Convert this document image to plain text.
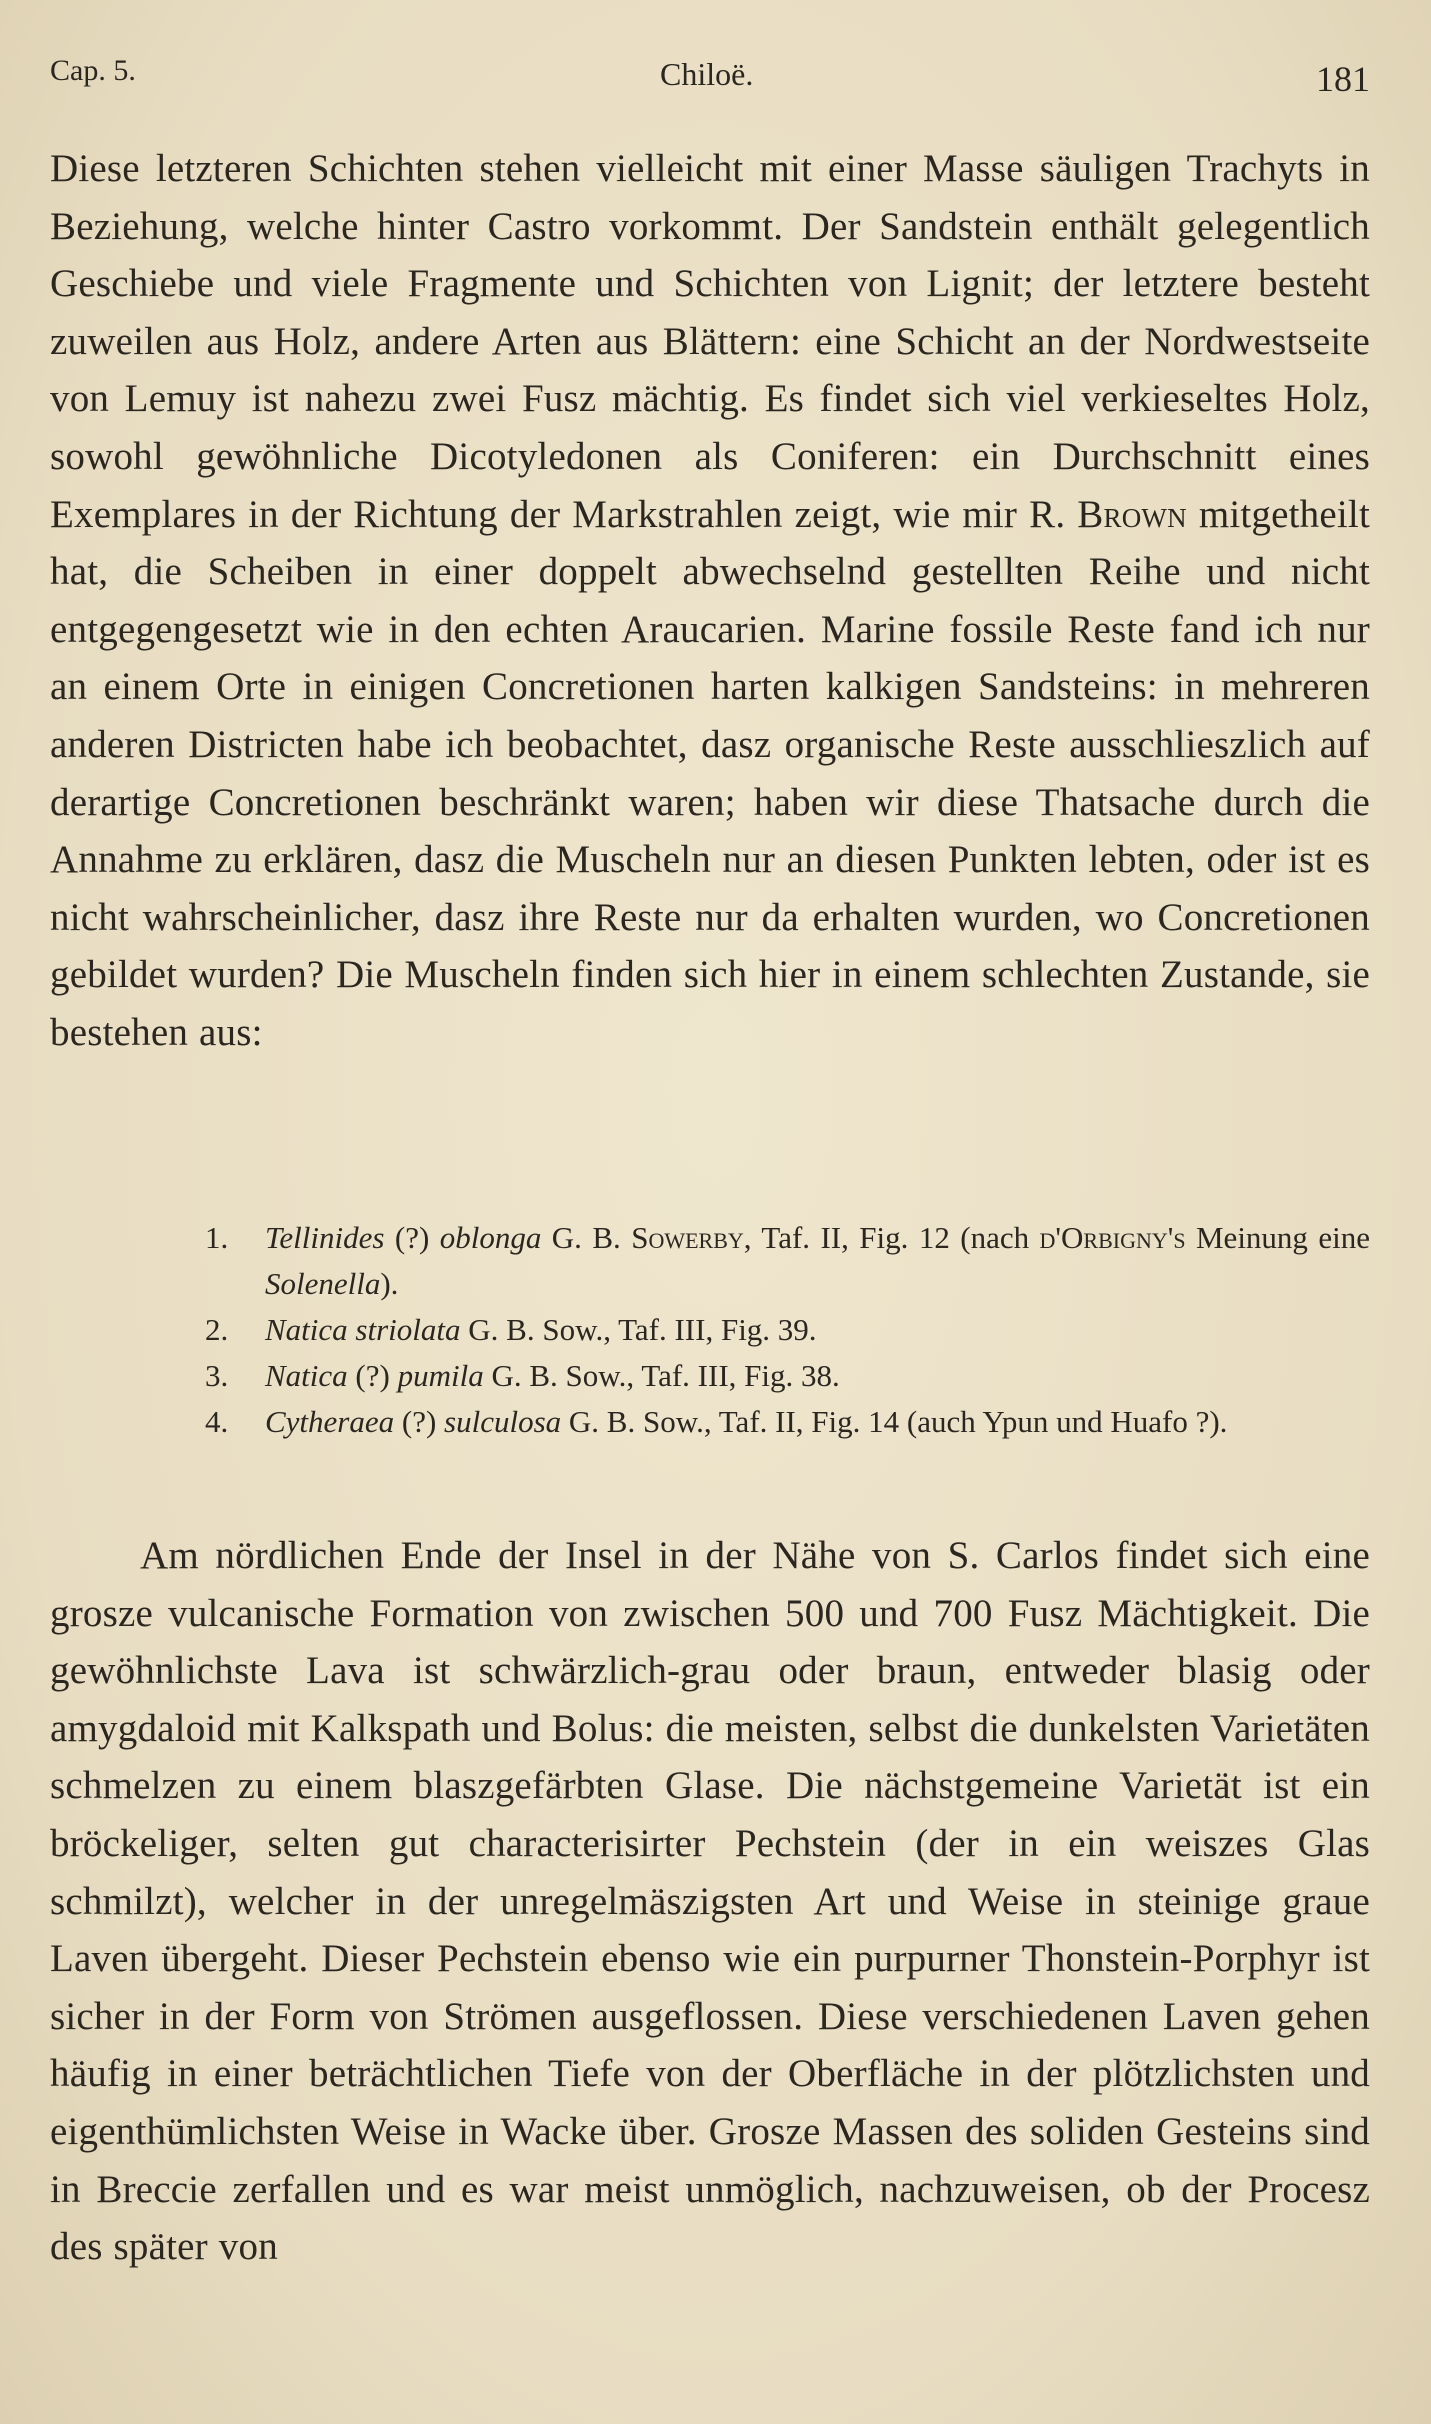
Cap. 5.	Chiloë.	181
Diese letzteren Schichten stehen vielleicht mit einer Masse säuligen Trachyts in Beziehung, welche hinter Castro vorkommt. Der Sandstein enthält gelegentlich Geschiebe und viele Fragmente und Schichten von Lignit; der letztere besteht zuweilen aus Holz, andere Arten aus Blättern: eine Schicht an der Nordwestseite von Lemuy ist nahezu zwei Fusz mächtig. Es findet sich viel verkieseltes Holz, sowohl gewöhnliche Dicotyledonen als Coniferen: ein Durchschnitt eines Exemplares in der Richtung der Markstrahlen zeigt, wie mir R. Brown mitgetheilt hat, die Scheiben in einer doppelt abwechselnd gestellten Reihe und nicht entgegengesetzt wie in den echten Araucarien. Marine fossile Reste fand ich nur an einem Orte in einigen Concretionen harten kalkigen Sandsteins: in mehreren anderen Districten habe ich beobachtet, dasz organische Reste ausschlieszlich auf derartige Concretionen beschränkt waren; haben wir diese Thatsache durch die Annahme zu erklären, dasz die Muscheln nur an diesen Punkten lebten, oder ist es nicht wahrscheinlicher, dasz ihre Reste nur da erhalten wurden, wo Concretionen gebildet wurden? Die Muscheln finden sich hier in einem schlechten Zustande, sie bestehen aus:
1. Tellinides (?) oblonga G. B. Sowerby, Taf. II, Fig. 12 (nach d'Orbigny's Meinung eine Solenella).
2. Natica striolata G. B. Sow., Taf. III, Fig. 39.
3. Natica (?) pumila G. B. Sow., Taf. III, Fig. 38.
4. Cytheraea (?) sulculosa G. B. Sow., Taf. II, Fig. 14 (auch Ypun und Huafo ?).
Am nördlichen Ende der Insel in der Nähe von S. Carlos findet sich eine grosze vulcanische Formation von zwischen 500 und 700 Fusz Mächtigkeit. Die gewöhnlichste Lava ist schwärzlich-grau oder braun, entweder blasig oder amygdaloid mit Kalkspath und Bolus: die meisten, selbst die dunkelsten Varietäten schmelzen zu einem blaszgefärbten Glase. Die nächstgemeine Varietät ist ein bröckeliger, selten gut characterisirter Pechstein (der in ein weiszes Glas schmilzt), welcher in der unregelmäszigsten Art und Weise in steinige graue Laven übergeht. Dieser Pechstein ebenso wie ein purpurner Thonstein-Porphyr ist sicher in der Form von Strömen ausgeflossen. Diese verschiedenen Laven gehen häufig in einer beträchtlichen Tiefe von der Oberfläche in der plötzlichsten und eigenthümlichsten Weise in Wacke über. Grosze Massen des soliden Gesteins sind in Breccie zerfallen und es war meist unmöglich, nachzuweisen, ob der Procesz des später von
